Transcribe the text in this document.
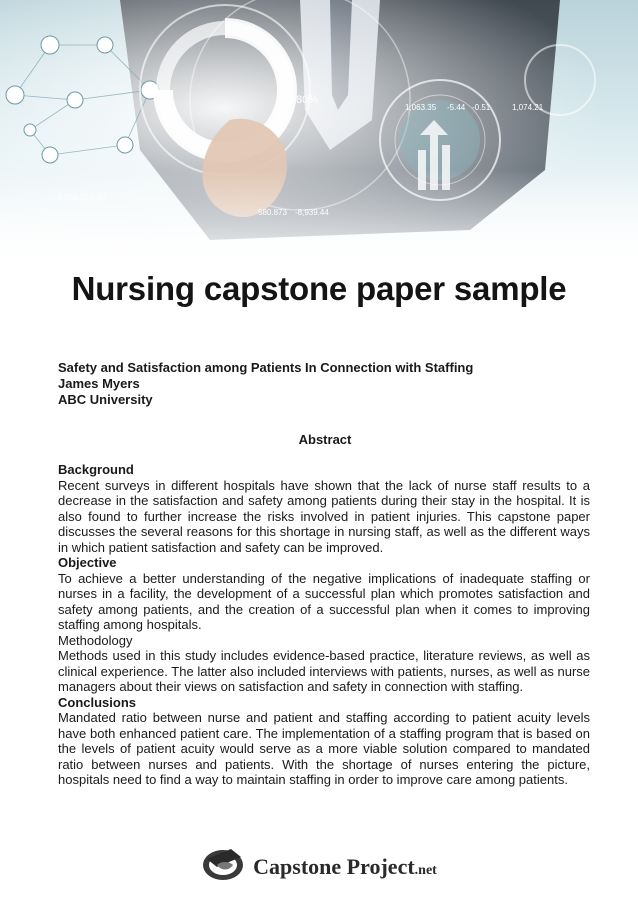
80%
1,063.35 -5.44 -0.51	1,074.21
Nursing capstone paper sample
Safety and Satisfaction among Patients In Connection with Staffing
James Myers
ABC University
Abstract
Background

Recent surveys in different hospitals have shown that the lack of nurse staff results to a decrease in the satisfaction and safety among patients during their stay in the hospital. It is also found to further increase the risks involved in patient injuries. This capstone paper discusses the several reasons for this shortage in nursing staff, as well as the different ways in which patient satisfaction and safety can be improved.

Objective

To achieve a better understanding of the negative implications of inadequate staffing or nurses in a facility, the development of a successful plan which promotes satisfaction and safety among patients, and the creation of a successful plan when it comes to improving staffing among hospitals.

Methodology

Methods used in this study includes evidence-based practice, literature reviews, as well as clinical experience. The latter also included interviews with patients, nurses, as well as nurse managers about their views on satisfaction and safety in connection with staffing.

Conclusions

Mandated ratio between nurse and patient and staffing according to patient acuity levels have both enhanced patient care. The implementation of a staffing program that is based on the levels of patient acuity would serve as a more viable solution compared to mandated ratio between nurses and patients. With the shortage of nurses entering the picture, hospitals need to find a way to maintain staffing in order to improve care among patients.

Capstone Project.net
